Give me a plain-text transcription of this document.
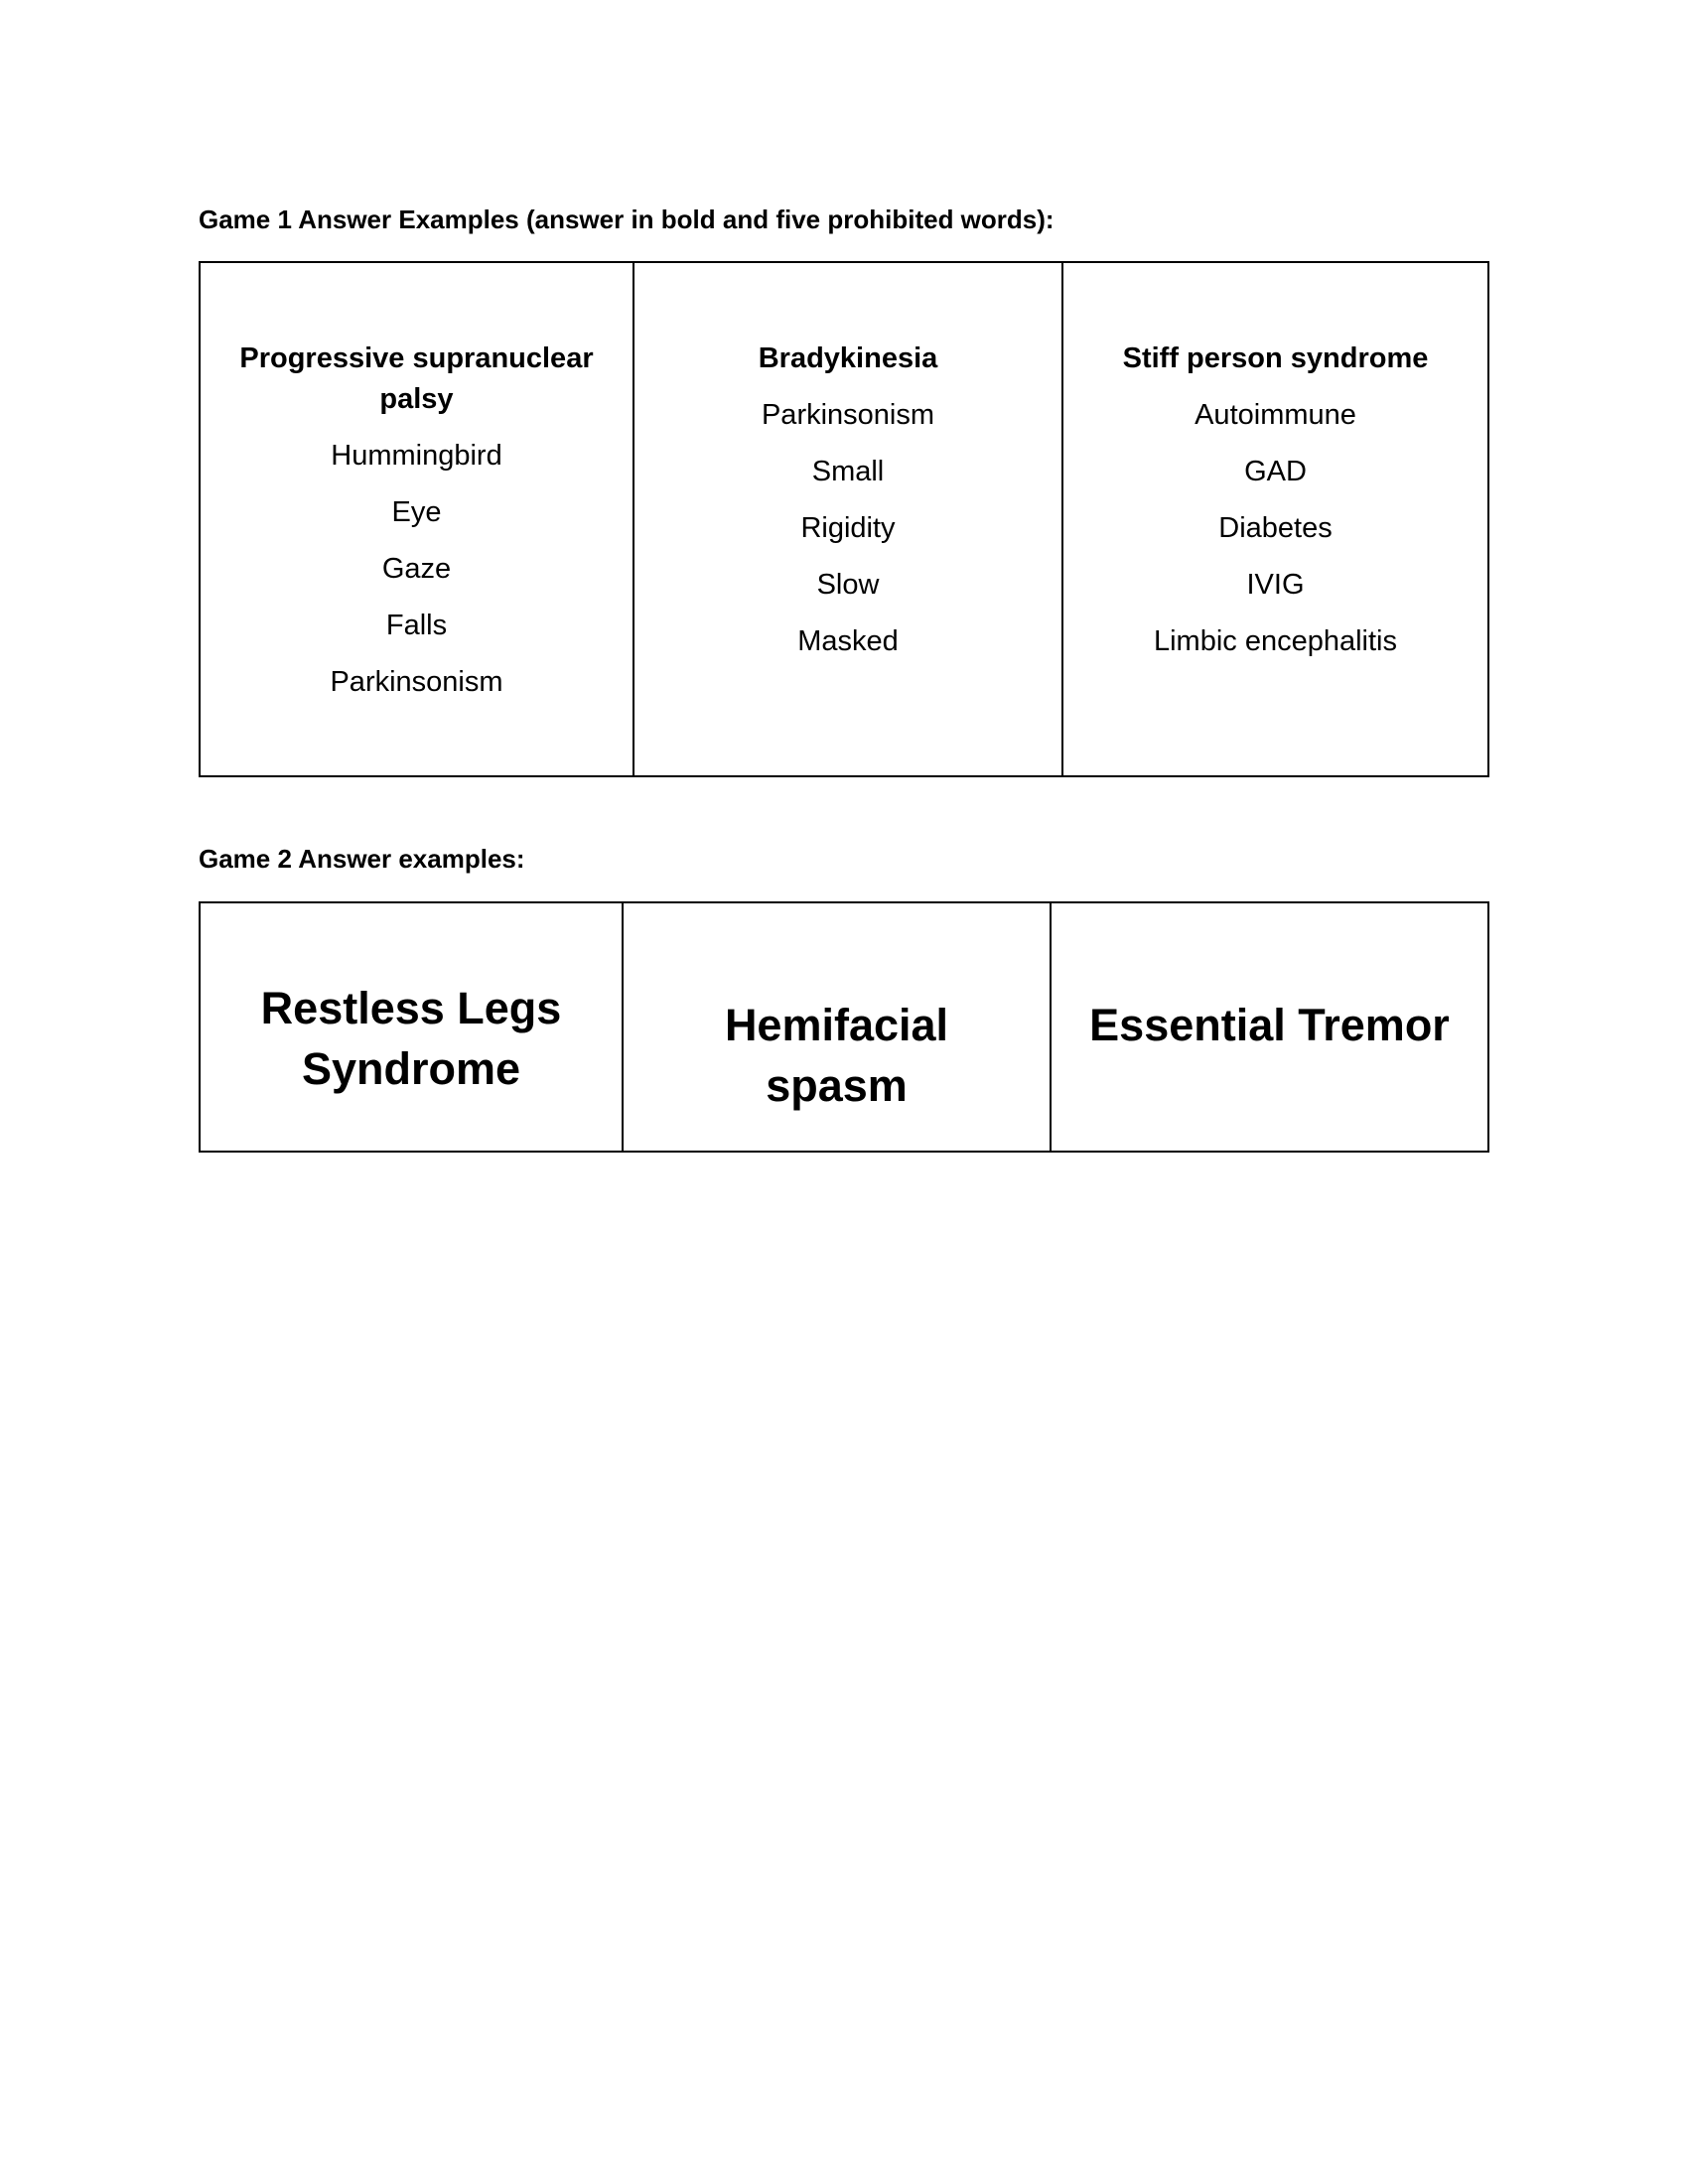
Game 1 Answer Examples (answer in bold and five prohibited words):

Progressive supranuclear palsy

Hummingbird

Eye

Gaze

Falls

Parkinsonism

Bradykinesia

Parkinsonism

Small

Rigidity

Slow

Masked

Stiff person syndrome

Autoimmune

GAD

Diabetes

IVIG

Limbic encephalitis

Game 2 Answer examples:
Restless Legs Syndrome
Hemifacial spasm
Essential Tremor
